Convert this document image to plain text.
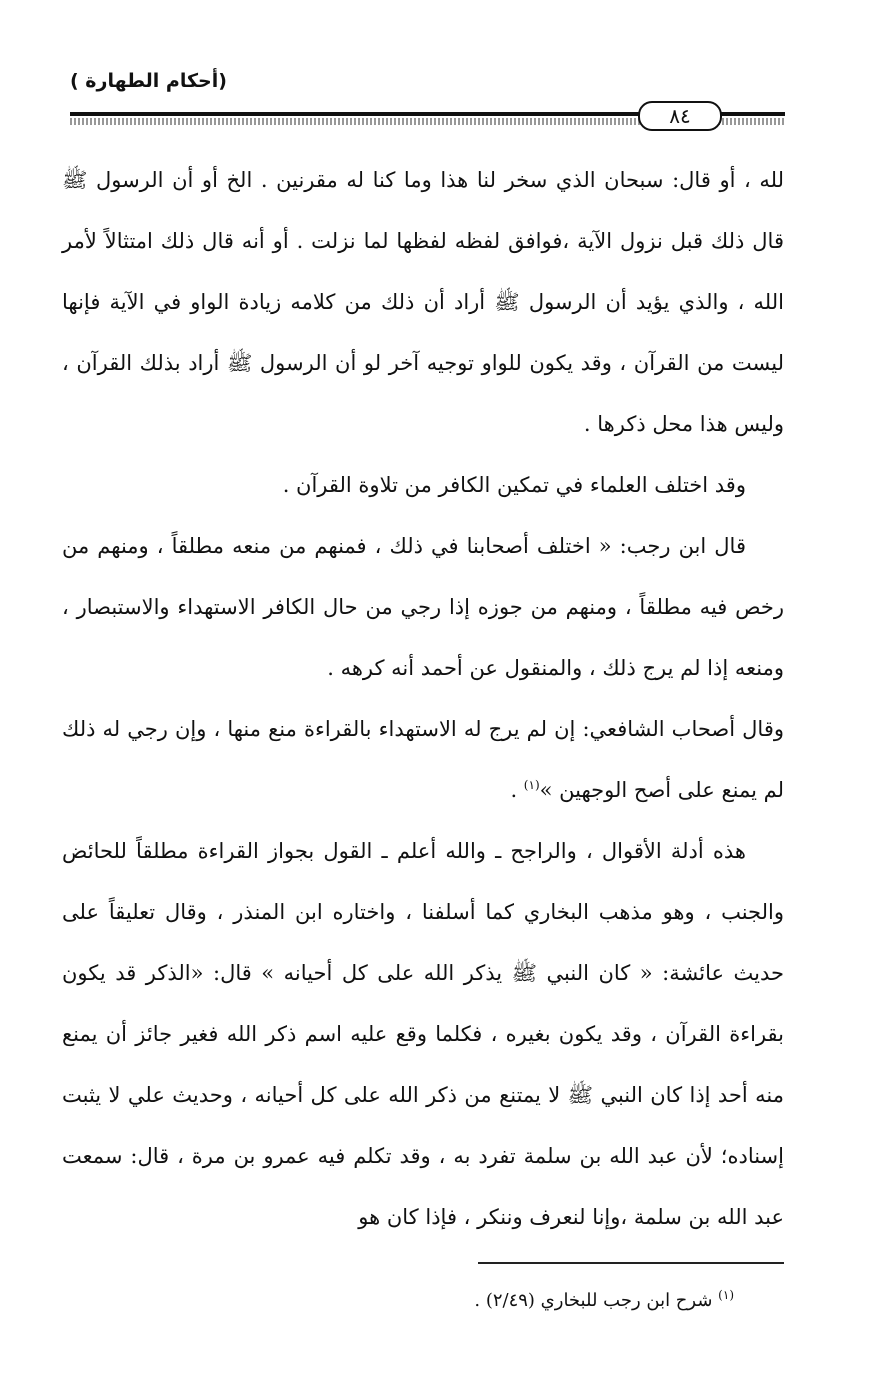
(أحكام الطهارة )
٨٤

لله ، أو قال: سبحان الذي سخر لنا هذا وما كنا له مقرنين . الخ أو أن الرسول ﷺ قال ذلك قبل نزول الآية ،فوافق لفظه لفظها لما نزلت . أو أنه قال ذلك امتثالاً لأمر الله ، والذي يؤيد أن الرسول ﷺ أراد أن ذلك من كلامه زيادة الواو في الآية فإنها ليست من القرآن ، وقد يكون للواو توجيه آخر لو أن الرسول ﷺ أراد بذلك القرآن ، وليس هذا محل ذكرها .

وقد اختلف العلماء في تمكين الكافر من تلاوة القرآن .

قال ابن رجب: « اختلف أصحابنا في ذلك ، فمنهم من منعه مطلقاً ، ومنهم من رخص فيه مطلقاً ، ومنهم من جوزه إذا رجي من حال الكافر الاستهداء والاستبصار ، ومنعه إذا لم يرج ذلك ، والمنقول عن أحمد أنه كرهه .

وقال أصحاب الشافعي: إن لم يرج له الاستهداء بالقراءة منع منها ، وإن رجي له ذلك لم يمنع على أصح الوجهين »$^{(١)}$ .

هذه أدلة الأقوال ، والراجح ـ والله أعلم ـ القول بجواز القراءة مطلقاً للحائض والجنب ، وهو مذهب البخاري كما أسلفنا ، واختاره ابن المنذر ، وقال تعليقاً على حديث عائشة: « كان النبي ﷺ يذكر الله على كل أحيانه » قال: «الذكر قد يكون بقراءة القرآن ، وقد يكون بغيره ، فكلما وقع عليه اسم ذكر الله فغير جائز أن يمنع منه أحد إذا كان النبي ﷺ لا يمتنع من ذكر الله على كل أحيانه ، وحديث علي لا يثبت إسناده؛ لأن عبد الله بن سلمة تفرد به ، وقد تكلم فيه عمرو بن مرة ، قال: سمعت عبد الله بن سلمة ،وإنا لنعرف وننكر ، فإذا كان هو

$^{(١)}$ شرح ابن رجب للبخاري (٢/٤٩) .
